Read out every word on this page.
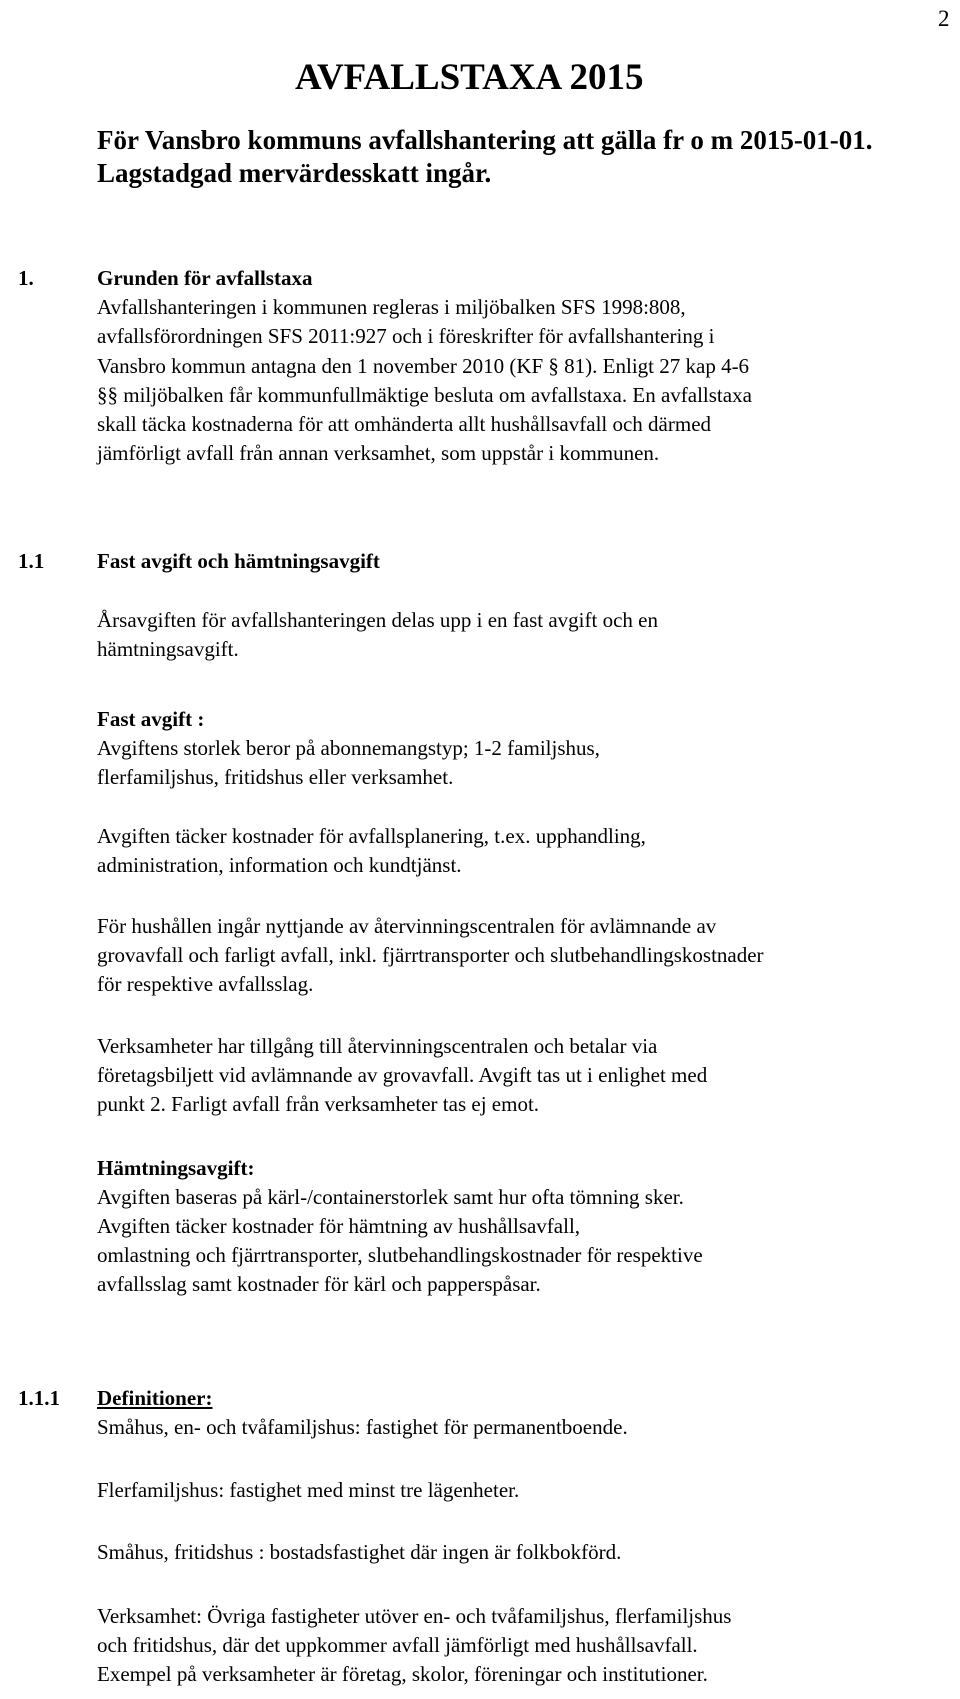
2
AVFALLSTAXA 2015
För Vansbro kommuns avfallshantering att gälla fr o m 2015-01-01. Lagstadgad mervärdesskatt ingår.
1.	Grunden för avfallstaxa
Avfallshanteringen i kommunen regleras i miljöbalken SFS 1998:808,
avfallsförordningen SFS 2011:927 och i föreskrifter för avfallshantering i
Vansbro kommun antagna den 1 november 2010 (KF § 81). Enligt 27 kap 4-6
§§ miljöbalken får kommunfullmäktige besluta om avfallstaxa. En avfallstaxa
skall täcka kostnaderna för att omhänderta allt hushållsavfall och därmed
jämförligt avfall från annan verksamhet, som uppstår i kommunen.
1.1	Fast avgift och hämtningsavgift
Årsavgiften för avfallshanteringen delas upp i en fast avgift och en
hämtningsavgift.
Fast avgift :
Avgiftens storlek beror på abonnemangstyp; 1-2 familjshus,
flerfamiljshus, fritidshus eller verksamhet.
Avgiften täcker kostnader för avfallsplanering, t.ex. upphandling,
administration, information och kundtjänst.
För hushållen ingår nyttjande av återvinningscentralen för avlämnande av
grovavfall och farligt avfall, inkl. fjärrtransporter och slutbehandlingskostnader
för respektive avfallsslag.
Verksamheter har tillgång till återvinningscentralen och betalar via
företagsbiljett vid avlämnande av grovavfall. Avgift tas ut i enlighet med
punkt 2. Farligt avfall från verksamheter tas ej emot.
Hämtningsavgift:
Avgiften baseras på kärl-/containerstorlek samt hur ofta tömning sker.
Avgiften täcker kostnader för hämtning av hushållsavfall,
omlastning och fjärrtransporter, slutbehandlingskostnader för respektive
avfallsslag samt kostnader för kärl och papperspåsar.
1.1.1 Definitioner:
Småhus, en- och tvåfamiljshus: fastighet för permanentboende.
Flerfamiljshus: fastighet med minst tre lägenheter.
Småhus, fritidshus : bostadsfastighet där ingen är folkbokförd.
Verksamhet: Övriga fastigheter utöver en- och tvåfamiljshus, flerfamiljshus
och fritidshus, där det uppkommer avfall jämförligt med hushållsavfall.
Exempel på verksamheter är företag, skolor, föreningar och institutioner.
